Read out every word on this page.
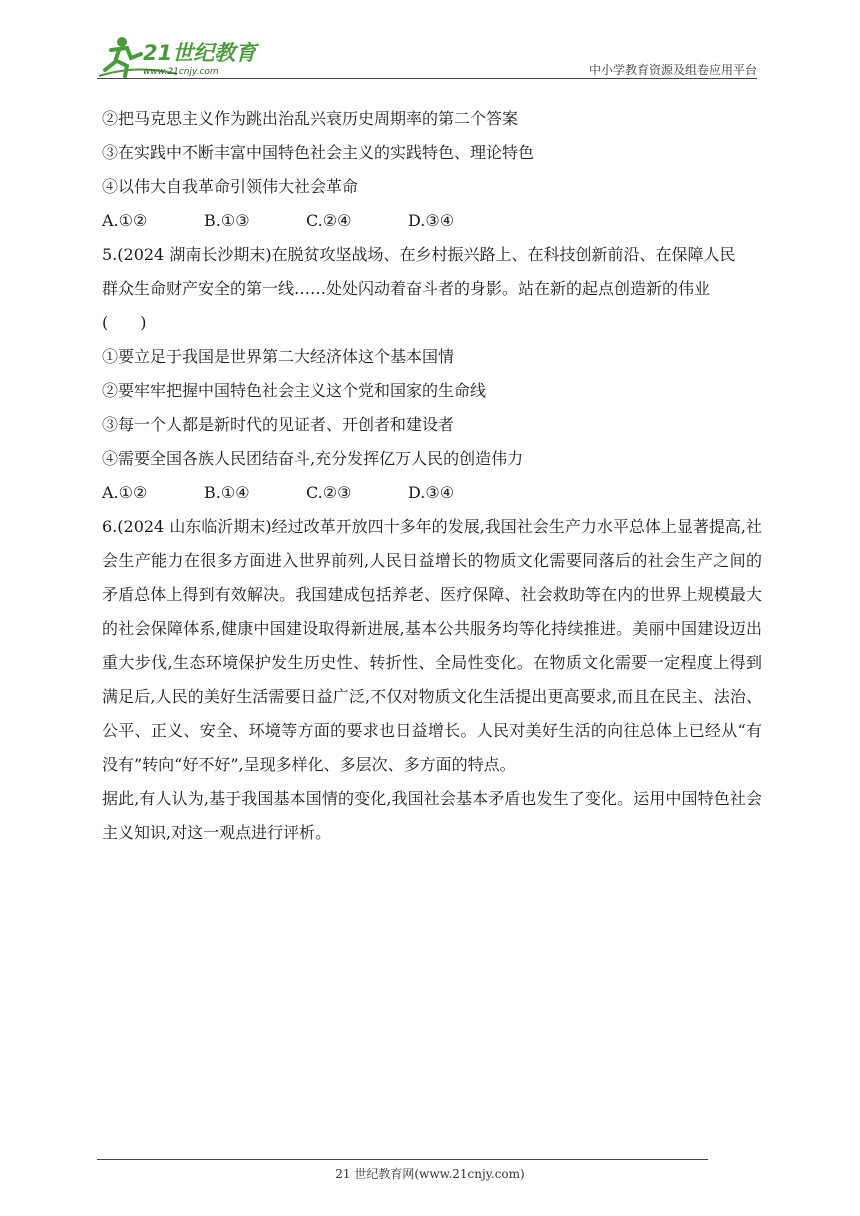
21世纪教育
www.21cnjy.com	中小学教育资源及组卷应用平台
②把马克思主义作为跳出治乱兴衰历史周期率的第二个答案
③在实践中不断丰富中国特色社会主义的实践特色、理论特色
④以伟大自我革命引领伟大社会革命
A.①②	B.①③	C.②④	D.③④
5.(2024 湖南长沙期末)在脱贫攻坚战场、在乡村振兴路上、在科技创新前沿、在保障人民
群众生命财产安全的第一线……处处闪动着奋斗者的身影。站在新的起点创造新的伟业
(　　)
①要立足于我国是世界第二大经济体这个基本国情
②要牢牢把握中国特色社会主义这个党和国家的生命线
③每一个人都是新时代的见证者、开创者和建设者
④需要全国各族人民团结奋斗,充分发挥亿万人民的创造伟力
A.①②	B.①④	C.②③	D.③④
6.(2024 山东临沂期末)经过改革开放四十多年的发展,我国社会生产力水平总体上显著提高,社会生产能力在很多方面进入世界前列,人民日益增长的物质文化需要同落后的社会生产之间的矛盾总体上得到有效解决。我国建成包括养老、医疗保障、社会救助等在内的世界上规模最大的社会保障体系,健康中国建设取得新进展,基本公共服务均等化持续推进。美丽中国建设迈出重大步伐,生态环境保护发生历史性、转折性、全局性变化。在物质文化需要一定程度上得到满足后,人民的美好生活需要日益广泛,不仅对物质文化生活提出更高要求,而且在民主、法治、公平、正义、安全、环境等方面的要求也日益增长。人民对美好生活的向往总体上已经从“有没有”转向“好不好”,呈现多样化、多层次、多方面的特点。
据此,有人认为,基于我国基本国情的变化,我国社会基本矛盾也发生了变化。运用中国特色社会主义知识,对这一观点进行评析。
21 世纪教育网(www.21cnjy.com)
